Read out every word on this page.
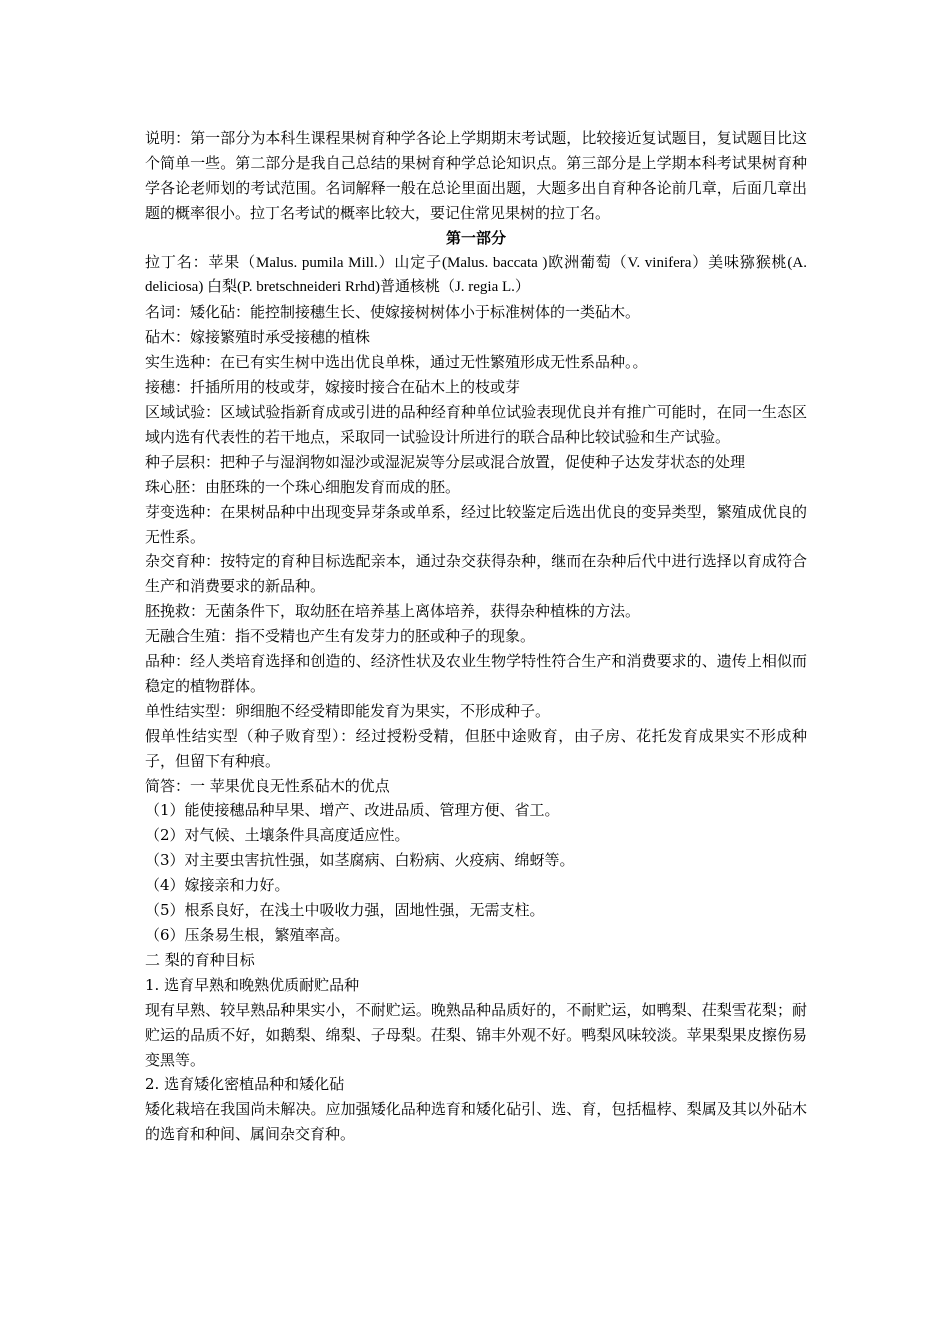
说明：第一部分为本科生课程果树育种学各论上学期期末考试题，比较接近复试题目，复试题目比这个简单一些。第二部分是我自己总结的果树育种学总论知识点。第三部分是上学期本科考试果树育种学各论老师划的考试范围。名词解释一般在总论里面出题，大题多出自育种各论前几章，后面几章出题的概率很小。拉丁名考试的概率比较大，要记住常见果树的拉丁名。

第一部分

拉丁名：苹果（Malus. pumila Mill.）山定子(Malus. baccata )欧洲葡萄（V. vinifera）美味猕猴桃(A. deliciosa) 白梨(P. bretschneideri Rrhd)普通核桃（J. regia L.）

名词：矮化砧：能控制接穗生长、使嫁接树树体小于标准树体的一类砧木。

砧木：嫁接繁殖时承受接穗的植株

实生选种：在已有实生树中选出优良单株，通过无性繁殖形成无性系品种。。

接穗：扦插所用的枝或芽，嫁接时接合在砧木上的枝或芽

区域试验：区域试验指新育成或引进的品种经育种单位试验表现优良并有推广可能时，在同一生态区域内选有代表性的若干地点，采取同一试验设计所进行的联合品种比较试验和生产试验。

种子层积：把种子与湿润物如湿沙或湿泥炭等分层或混合放置，促使种子达发芽状态的处理

珠心胚：由胚珠的一个珠心细胞发育而成的胚。

芽变选种：在果树品种中出现变异芽条或单系，经过比较鉴定后选出优良的变异类型，繁殖成优良的无性系。

杂交育种：按特定的育种目标选配亲本，通过杂交获得杂种，继而在杂种后代中进行选择以育成符合生产和消费要求的新品种。

胚挽救：无菌条件下，取幼胚在培养基上离体培养，获得杂种植株的方法。

无融合生殖：指不受精也产生有发芽力的胚或种子的现象。

品种：经人类培育选择和创造的、经济性状及农业生物学特性符合生产和消费要求的、遗传上相似而稳定的植物群体。

单性结实型：卵细胞不经受精即能发育为果实，不形成种子。

假单性结实型（种子败育型）：经过授粉受精，但胚中途败育，由子房、花托发育成果实不形成种子，但留下有种痕。

简答：一 苹果优良无性系砧木的优点

（1）能使接穗品种早果、增产、改进品质、管理方便、省工。

（2）对气候、土壤条件具高度适应性。

（3）对主要虫害抗性强，如茎腐病、白粉病、火疫病、绵蚜等。

（4）嫁接亲和力好。

（5）根系良好，在浅土中吸收力强，固地性强，无需支柱。

（6）压条易生根，繁殖率高。

二 梨的育种目标

1. 选育早熟和晚熟优质耐贮品种

现有早熟、较早熟品种果实小，不耐贮运。晚熟品种品质好的，不耐贮运，如鸭梨、茌梨雪花梨；耐贮运的品质不好，如鹅梨、绵梨、子母梨。茌梨、锦丰外观不好。鸭梨风味较淡。苹果梨果皮擦伤易变黑等。

2. 选育矮化密植品种和矮化砧

矮化栽培在我国尚未解决。应加强矮化品种选育和矮化砧引、选、育，包括榅桲、梨属及其以外砧木的选育和种间、属间杂交育种。
